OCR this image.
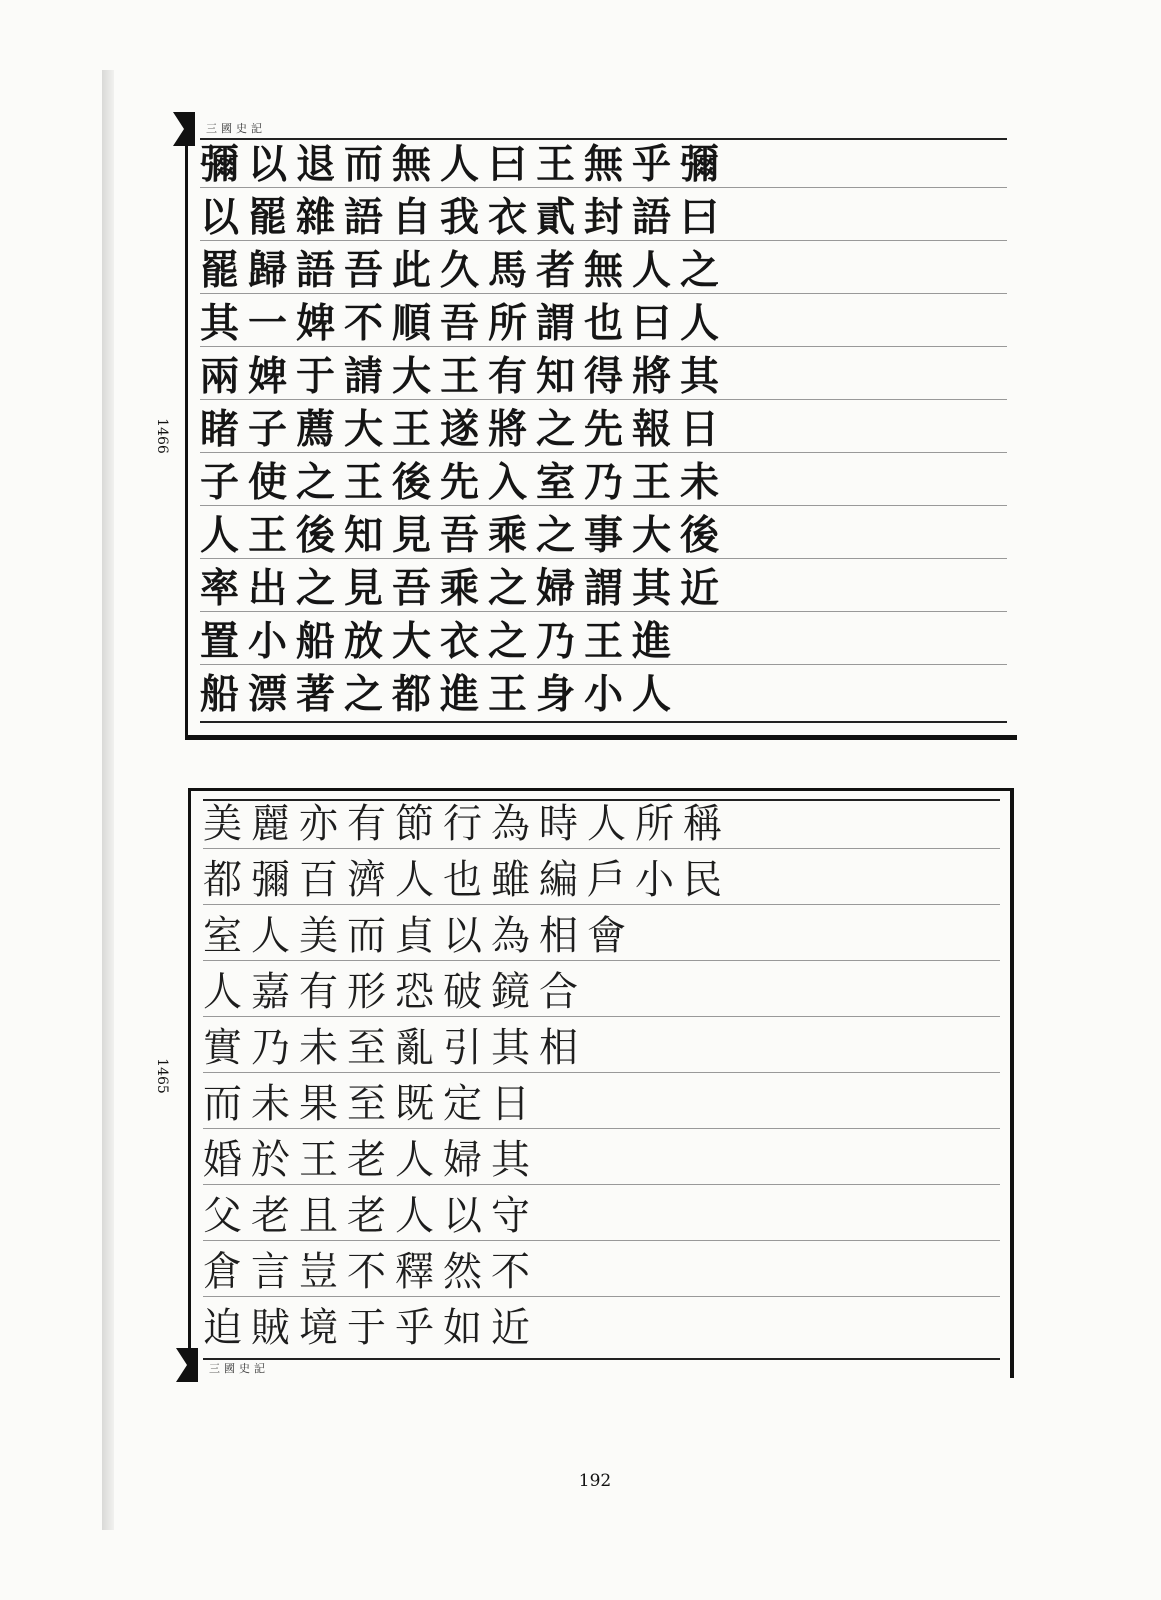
1466
1465
三國史記
彌以退而無人曰王無乎彌
以罷雜語自我衣貳封語曰
罷歸語吾此久馬者無人之
其一婢不順吾所謂也曰人
兩婢于請大王有知得將其
睹子薦大王遂將之先報日
子使之王後先入室乃王未
人王後知見吾乘之事大後
率出之見吾乘之婦謂其近
置小船放大衣之乃王進
船漂著之都進王身小人
美麗亦有節行為時人所稱
都彌百濟人也雖編戶小民
室人美而貞以為相會
人嘉有形恐破鏡合
實乃未至亂引其相
而未果至既定日
婚於王老人婦其
父老且老人以守
倉言豈不釋然不
迫賊境于乎如近
三國史記
192
